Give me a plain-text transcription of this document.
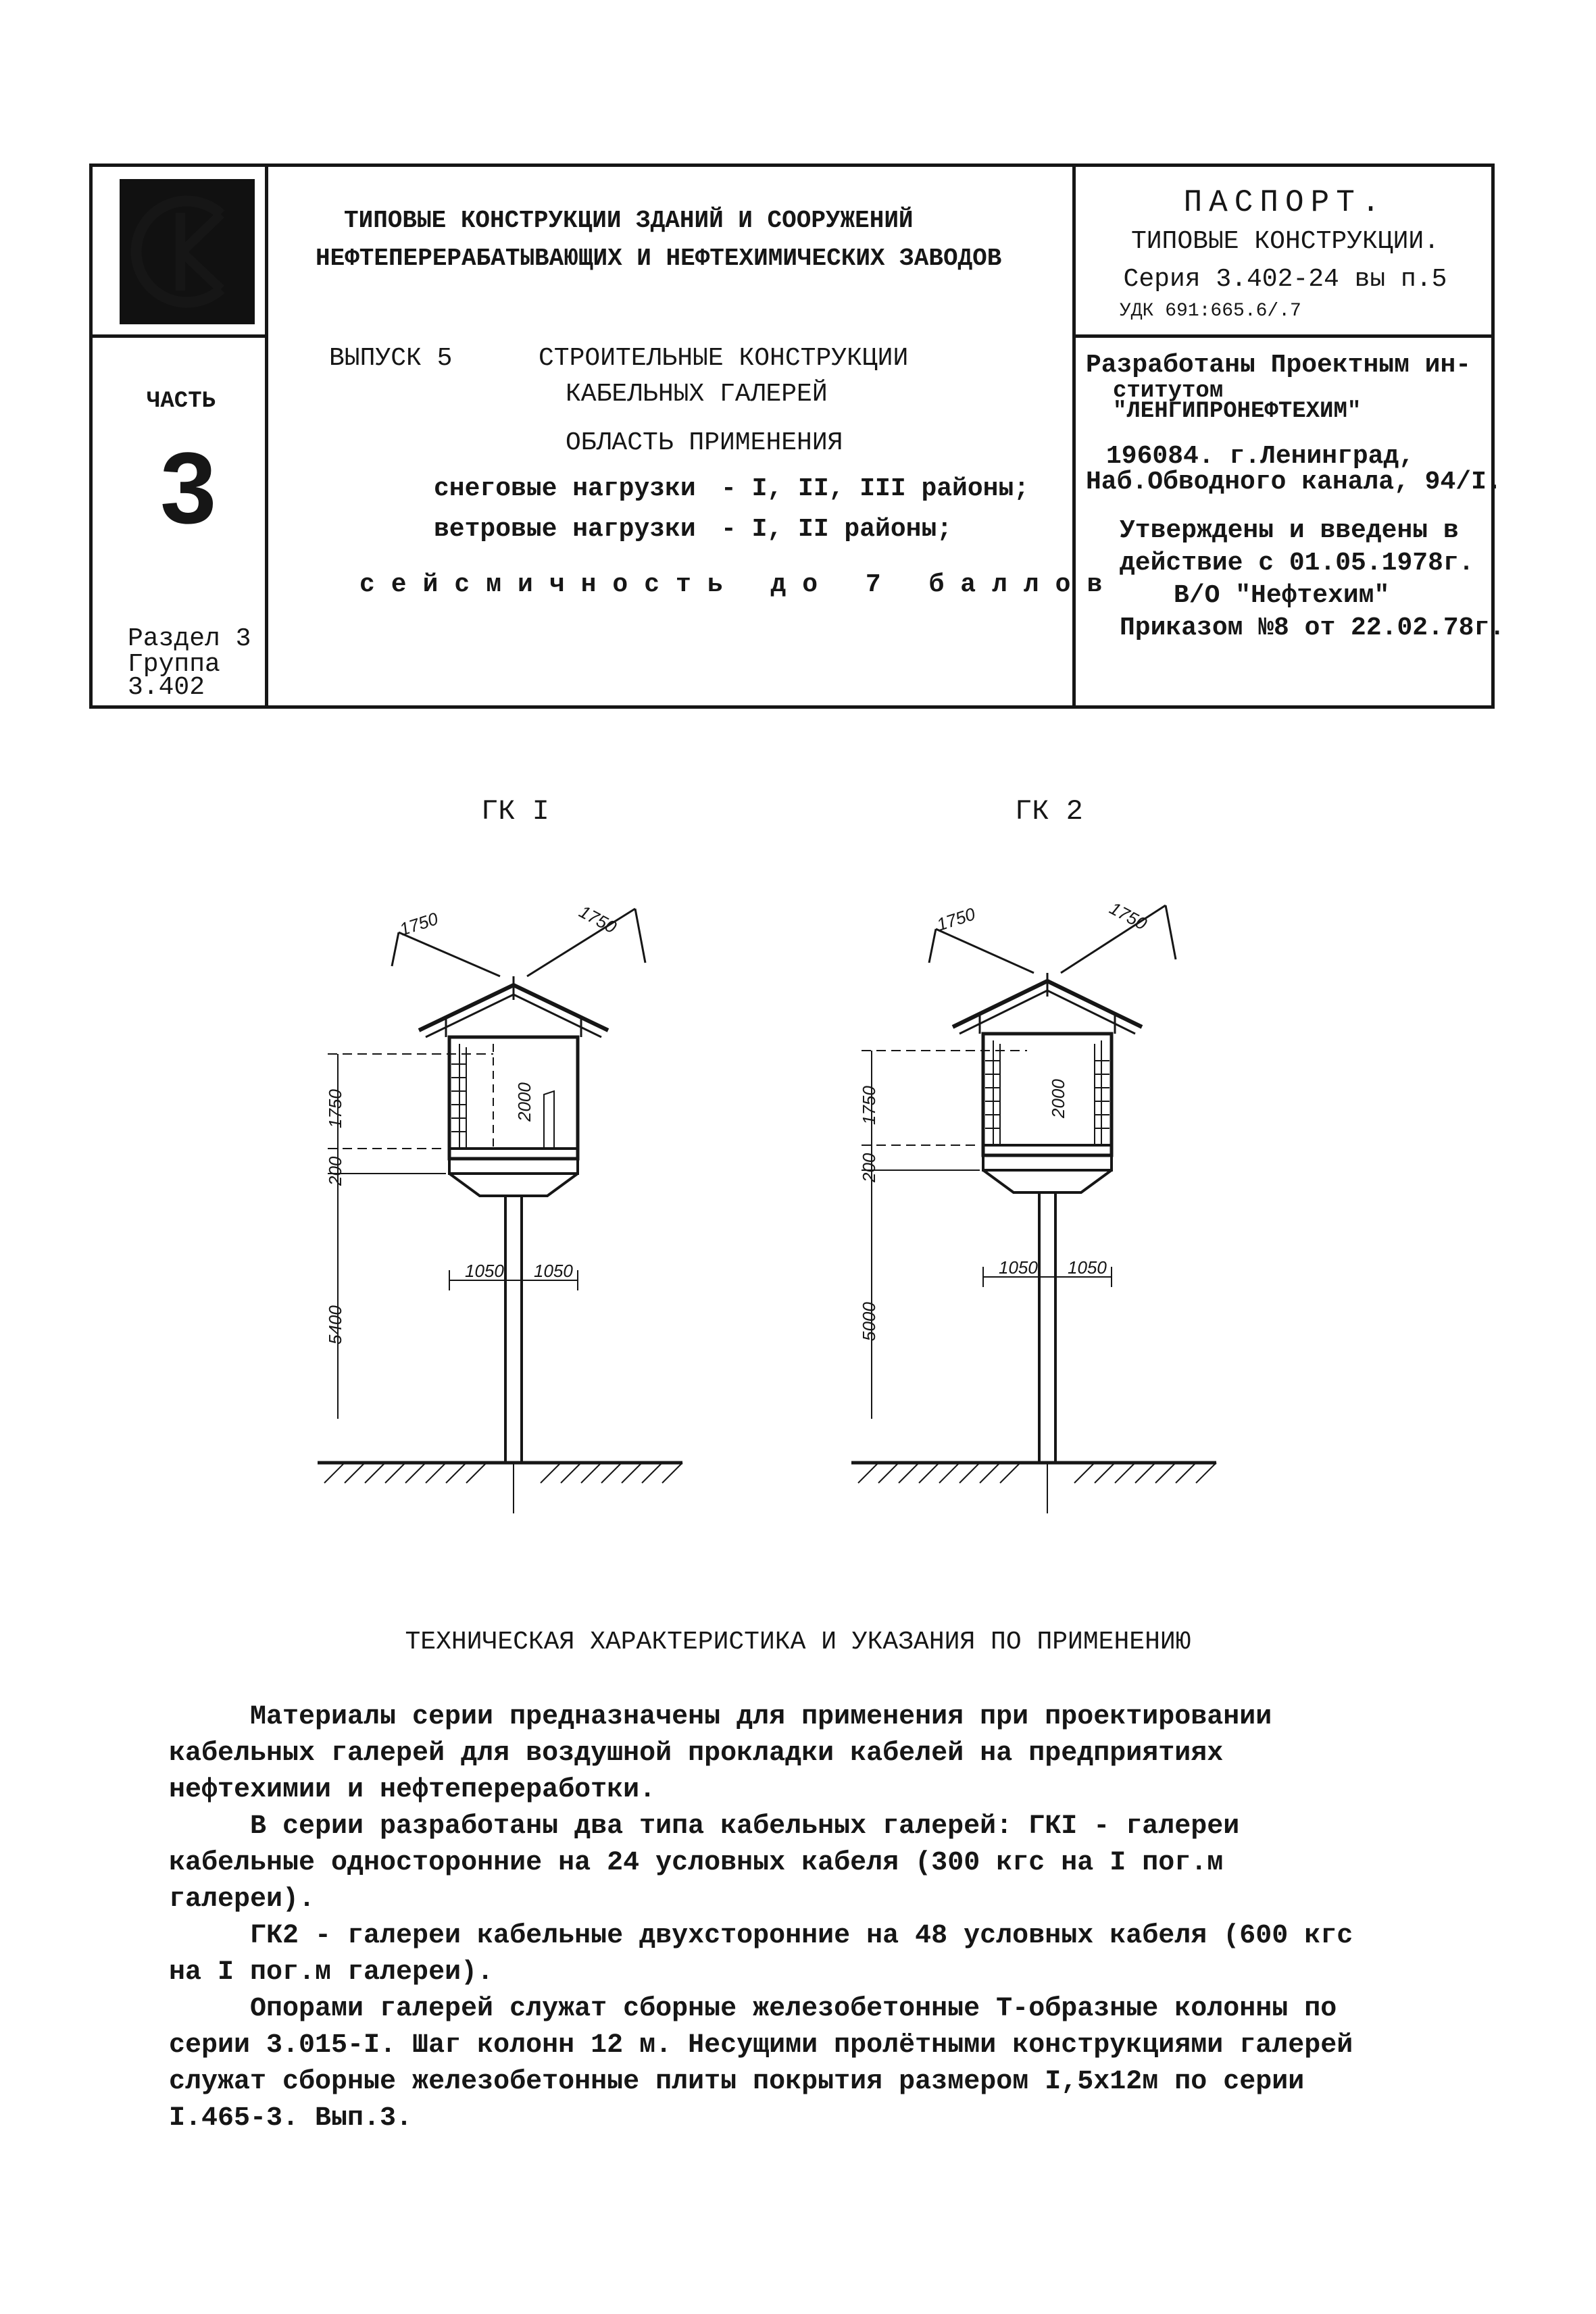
ЧАСТЬ
3
Раздел 3
Группа
3.402
ТИПОВЫЕ КОНСТРУКЦИИ ЗДАНИЙ И СООРУЖЕНИЙ
НЕФТЕПЕРЕРАБАТЫВАЮЩИХ И НЕФТЕХИМИЧЕСКИХ ЗАВОДОВ
ВЫПУСК 5	СТРОИТЕЛЬНЫЕ КОНСТРУКЦИИ
КАБЕЛЬНЫХ ГАЛЕРЕЙ
ОБЛАСТЬ ПРИМЕНЕНИЯ
снеговые нагрузки - I, II, III районы;
ветровые нагрузки - I, II районы;
сейсмичность до 7 баллов
ПАСПОРТ.
ТИПОВЫЕ КОНСТРУКЦИИ.
Серия 3.402-24 вы п.5
УДК 691:665.6/.7
Разработаны Проектным ин-
ститутом
"ЛЕНГИПРОНЕФТЕХИМ"
196084. г.Ленинград,
Наб.Обводного канала, 94/I.
Утверждены и введены в
действие с 01.05.1978г.
В/О "Нефтехим"
Приказом №8 от 22.02.78г.
ГК I	ГК 2
1750	1750
1750	2000
200
5400
1050 1050
1750	1750
1750	2000
200
5000
1050 1050
ТЕХНИЧЕСКАЯ ХАРАКТЕРИСТИКА И УКАЗАНИЯ ПО ПРИМЕНЕНИЮ

Материалы серии предназначены для применения при проектировании кабельных галерей для воздушной прокладки кабелей на предприятиях нефтехимии и нефтепереработки.

В серии разработаны два типа кабельных галерей: ГКI - галереи кабельные односторонние на 24 условных кабеля (300 кгс на I пог.м галереи).

ГК2 - галереи кабельные двухсторонние на 48 условных кабеля (600 кгс на I пог.м галереи).

Опорами галерей служат сборные железобетонные Т-образные колонны по серии 3.015-I. Шаг колонн 12 м. Несущими пролётными конструкциями галерей служат сборные железобетонные плиты покрытия размером I,5х12м по серии I.465-3. Вып.3.
